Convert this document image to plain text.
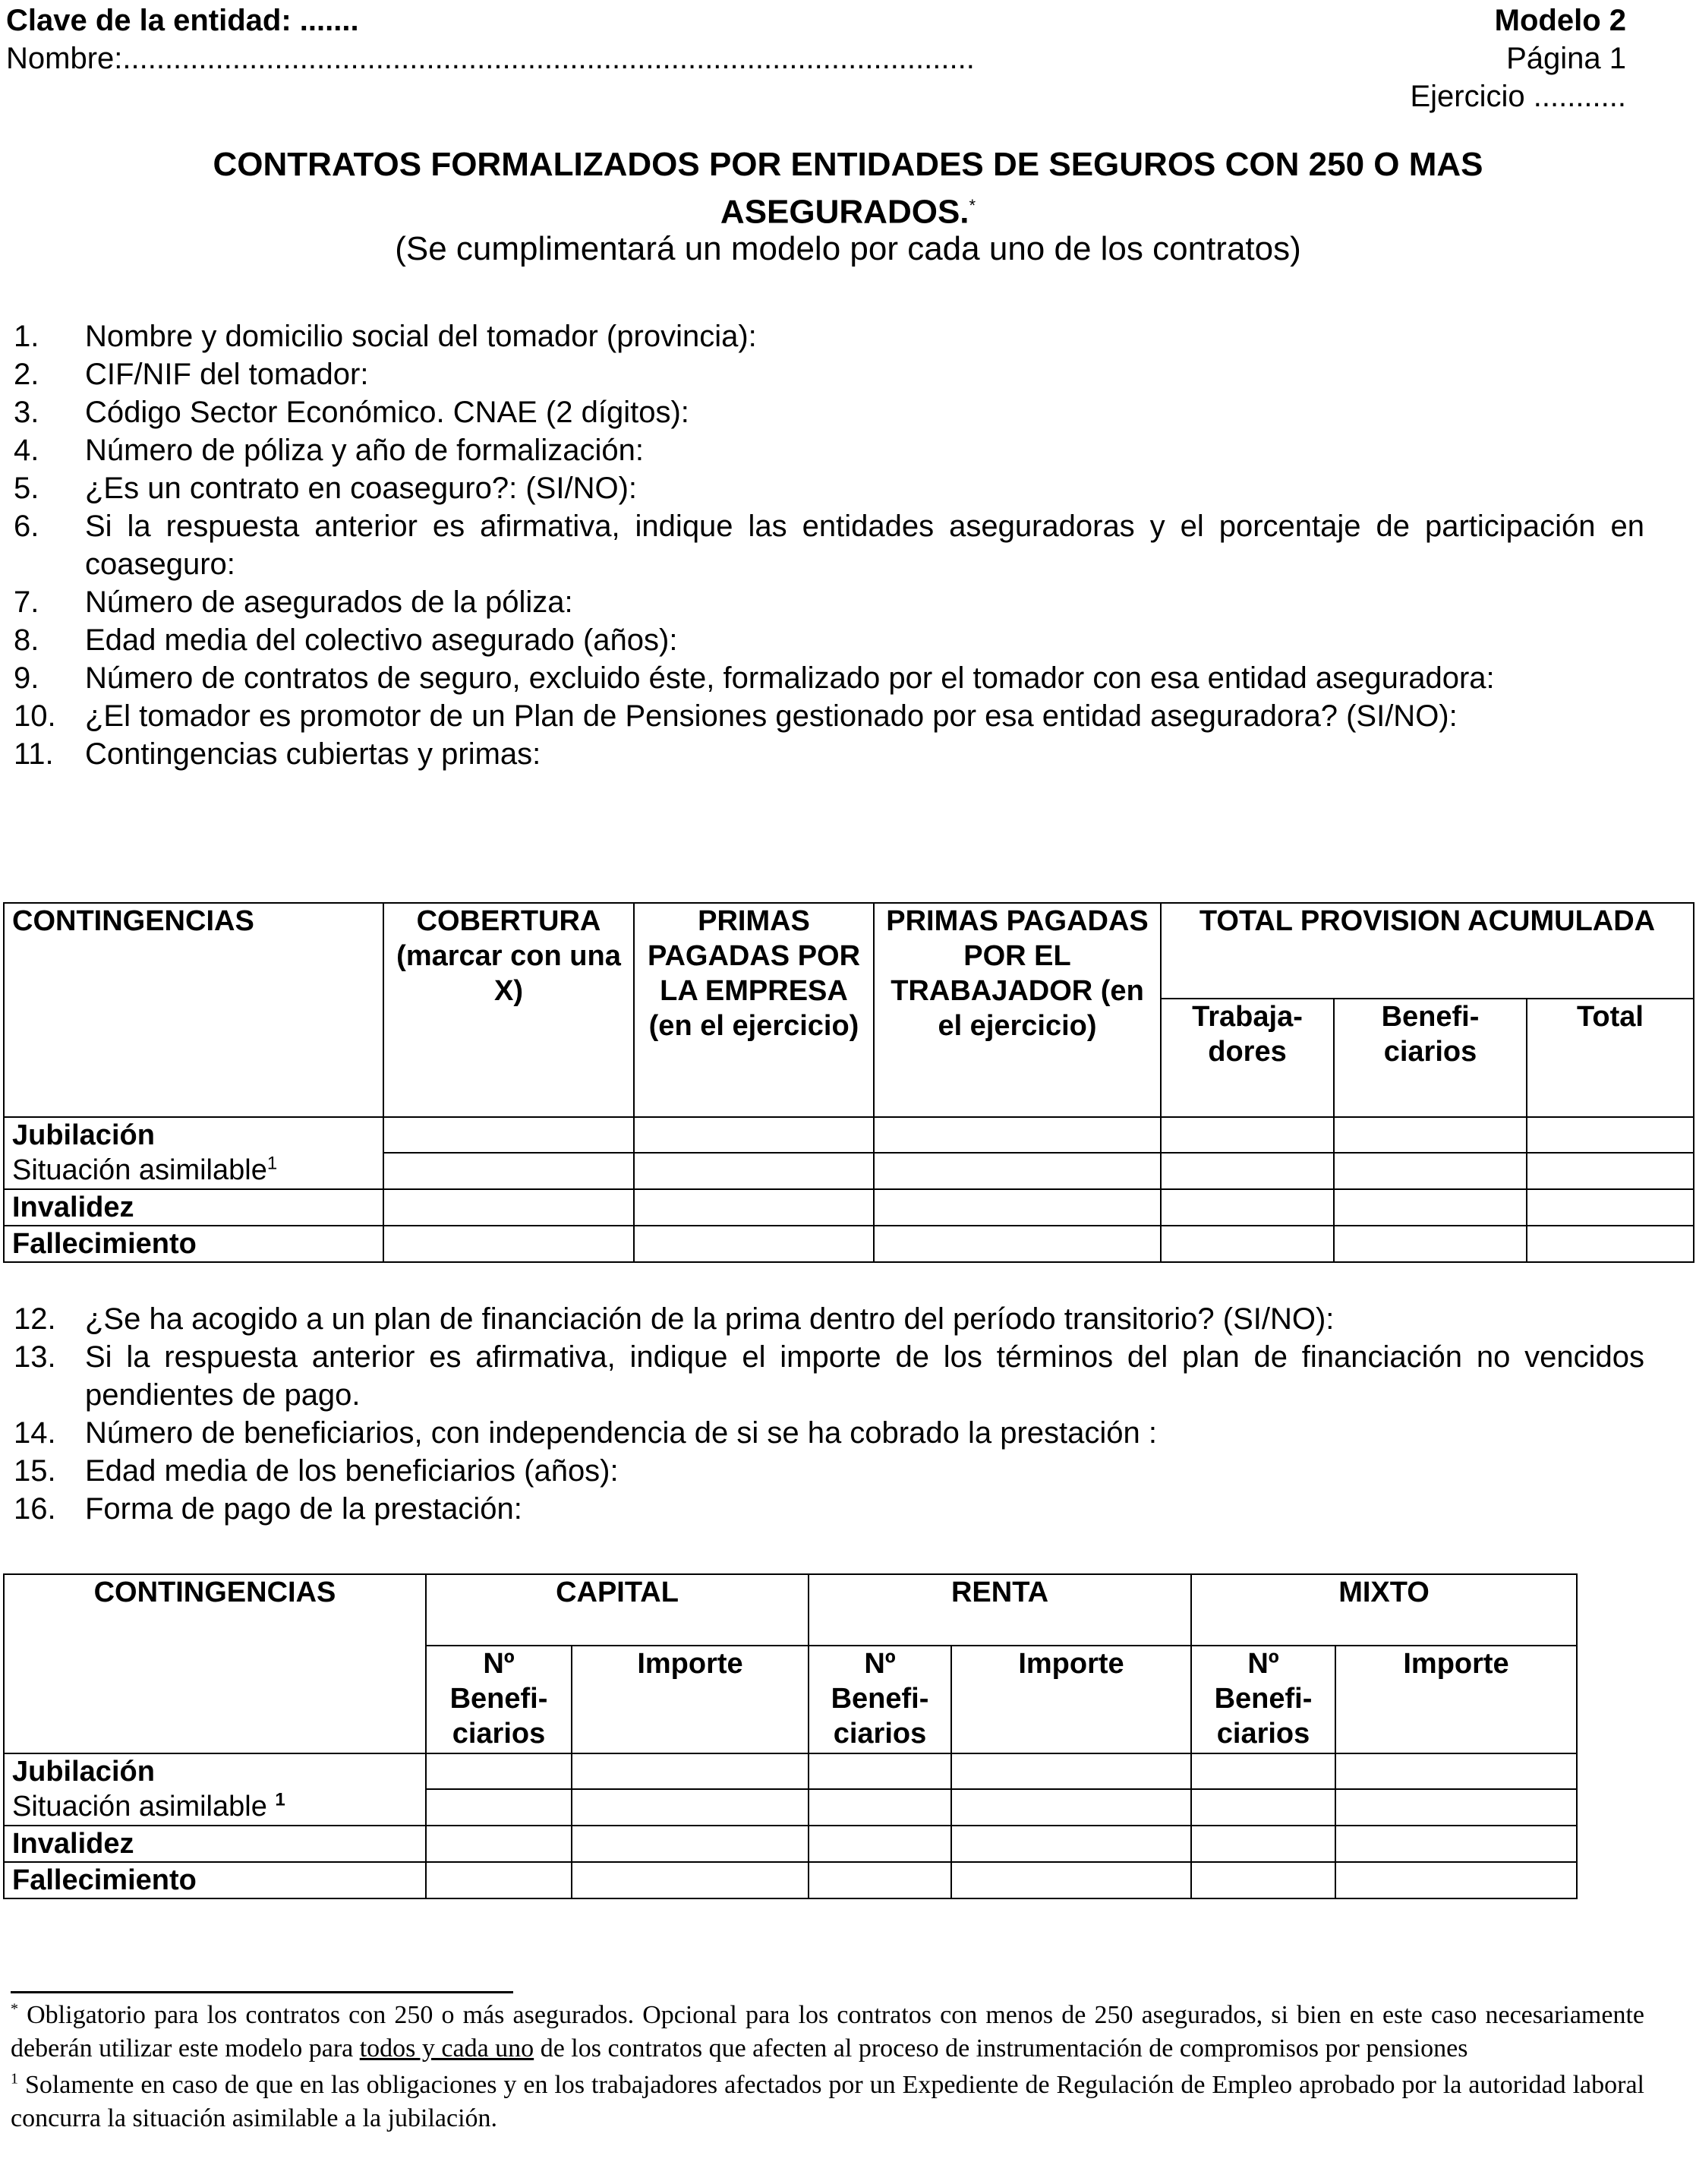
Clave de la entidad: .......
Nombre:.....................................................................................................
Modelo 2
Página 1
Ejercicio ...........
CONTRATOS FORMALIZADOS POR ENTIDADES DE SEGUROS CON 250 O MAS
ASEGURADOS.*
(Se cumplimentará un modelo por cada uno de los contratos)
1. Nombre y domicilio social del tomador (provincia):
2. CIF/NIF del tomador:
3. Código Sector Económico. CNAE (2 dígitos):
4. Número de póliza y año de formalización:
5. ¿Es un contrato en coaseguro?: (SI/NO):
6. Si la respuesta anterior es afirmativa, indique las entidades aseguradoras y el porcentaje de participación en coaseguro:
7. Número de asegurados de la póliza:
8. Edad media del colectivo asegurado (años):
9. Número de contratos de seguro, excluido éste, formalizado por el tomador con esa entidad aseguradora:
10. ¿El tomador es promotor de un Plan de Pensiones gestionado por esa entidad aseguradora? (SI/NO):
11. Contingencias cubiertas y primas:
CONTINGENCIAS	COBERTURA (marcar con una X)	PRIMAS PAGADAS POR LA EMPRESA (en el ejercicio)	PRIMAS PAGADAS POR EL TRABAJADOR (en el ejercicio)	TOTAL PROVISION ACUMULADA		
				Trabaja-dores	Benefi-ciarios	Total
Jubilación						
Situación asimilable$^1$						
Invalidez						
Fallecimiento						
12. ¿Se ha acogido a un plan de financiación de la prima dentro del período transitorio? (SI/NO):
13. Si la respuesta anterior es afirmativa, indique el importe de los términos del plan de financiación no vencidos pendientes de pago.
14. Número de beneficiarios, con independencia de si se ha cobrado la prestación :
15. Edad media de los beneficiarios (años):
16. Forma de pago de la prestación:
CONTINGENCIAS	CAPITAL		RENTA		MIXTO	
	Nº Benefi-ciarios	Importe	Nº Benefi-ciarios	Importe	Nº Benefi-ciarios	Importe
Jubilación						
Situación asimilable $^1$						
Invalidez						
Fallecimiento						
* Obligatorio para los contratos con 250 o más asegurados. Opcional para los contratos con menos de 250 asegurados, si bien en este caso necesariamente deberán utilizar este modelo para todos y cada uno de los contratos que afecten al proceso de instrumentación de compromisos por pensiones
$^1$ Solamente en caso de que en las obligaciones y en los trabajadores afectados por un Expediente de Regulación de Empleo aprobado por la autoridad laboral concurra la situación asimilable a la jubilación.
